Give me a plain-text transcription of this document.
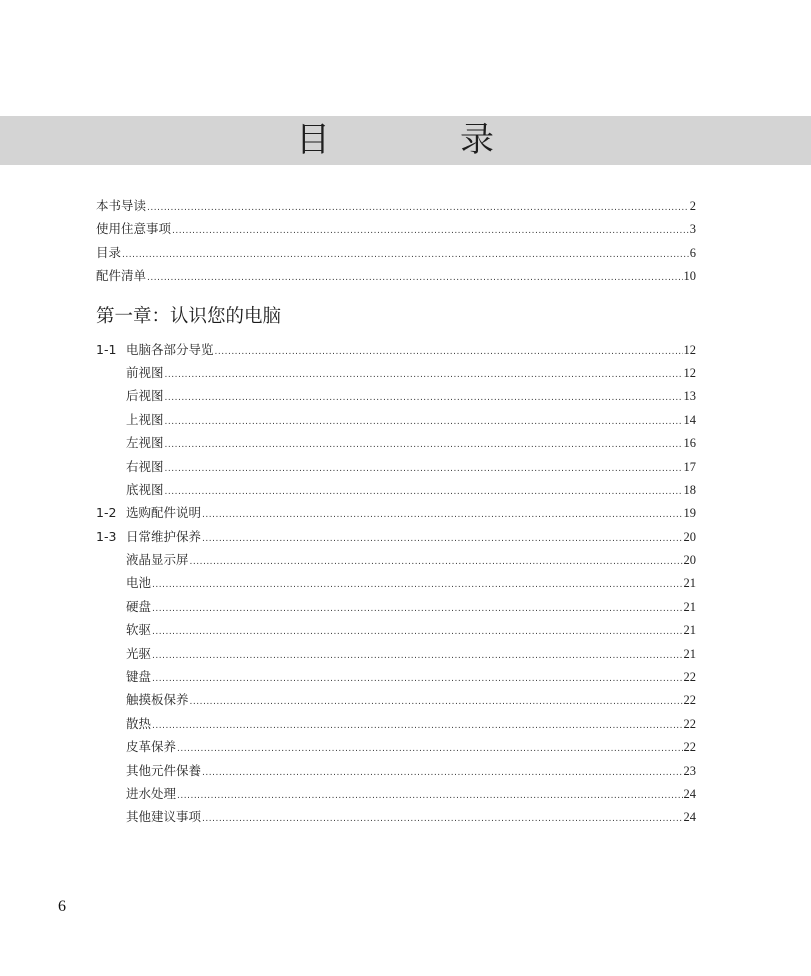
目	录
本书导读 .....	2
使用住意事项 .....	3
目录 .....	6
配件清单 .....	10
第一章：认识您的电脑
1-1 电脑各部分导览 .....	12
前视图 .....	12
后视图 .....	13
上视图 .....	14
左视图 .....	16
右视图 .....	17
底视图 .....	18
1-2 选购配件说明 .....	19
1-3 日常维护保养 .....	20
液晶显示屏 .....	20
电池 .....	21
硬盘 .....	21
软驱 .....	21
光驱 .....	21
键盘 .....	22
触摸板保养 .....	22
散热 .....	22
皮革保养 .....	22
其他元件保養 .....	23
进水处理 .....	24
其他建议事项 .....	24
6
